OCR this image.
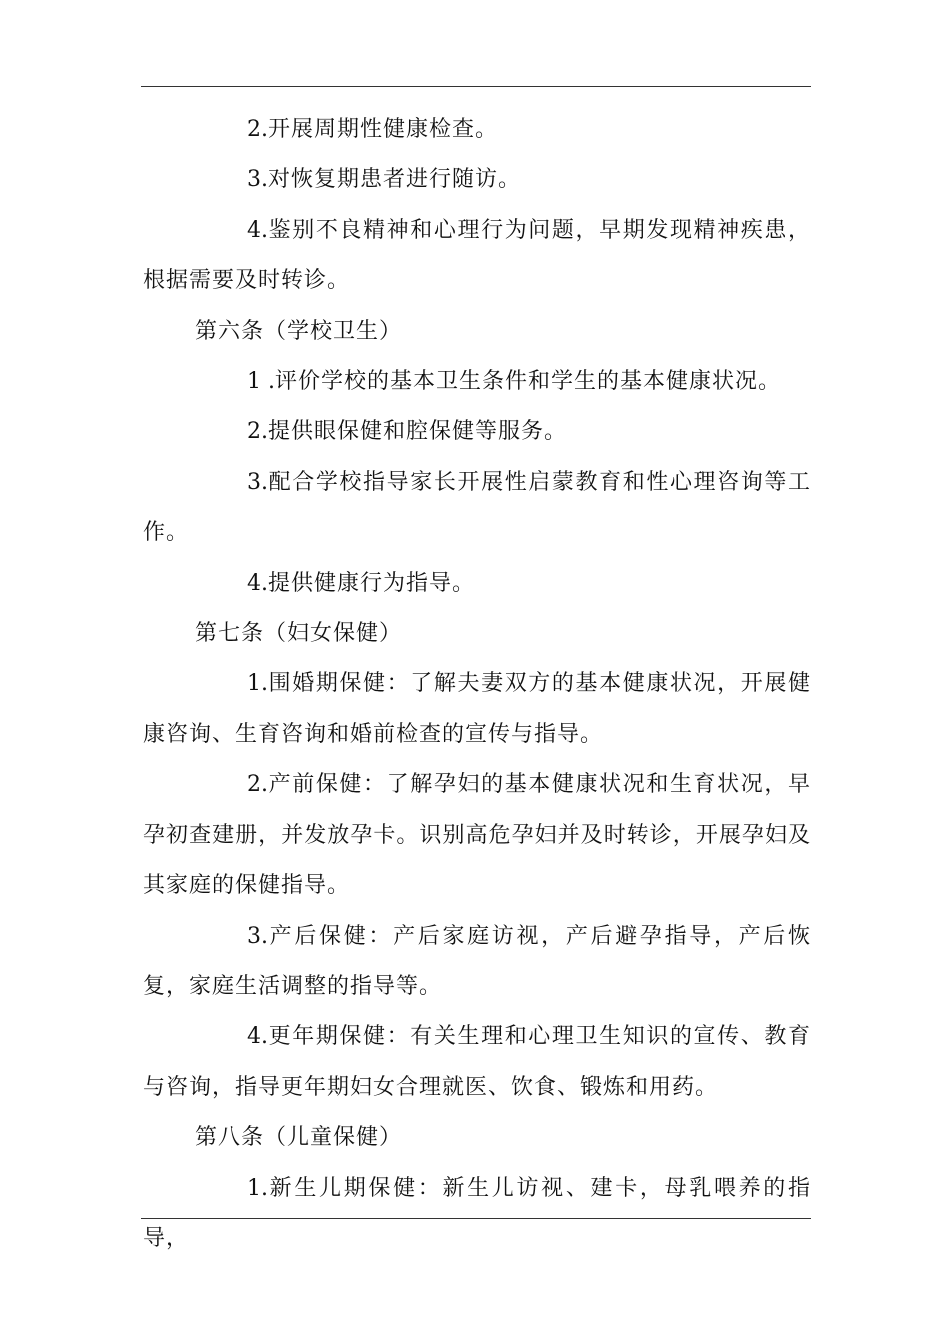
2.开展周期性健康检查。

3.对恢复期患者进行随访。

4.鉴别不良精神和心理行为问题，早期发现精神疾患，根据需要及时转诊。

第六条（学校卫生）

1 .评价学校的基本卫生条件和学生的基本健康状况。

2.提供眼保健和腔保健等服务。

3.配合学校指导家长开展性启蒙教育和性心理咨询等工作。

4.提供健康行为指导。

第七条（妇女保健）

1.围婚期保健：了解夫妻双方的基本健康状况，开展健康咨询、生育咨询和婚前检查的宣传与指导。

2.产前保健：了解孕妇的基本健康状况和生育状况，早孕初查建册，并发放孕卡。识别高危孕妇并及时转诊，开展孕妇及其家庭的保健指导。

3.产后保健：产后家庭访视，产后避孕指导，产后恢复，家庭生活调整的指导等。

4.更年期保健：有关生理和心理卫生知识的宣传、教育与咨询，指导更年期妇女合理就医、饮食、锻炼和用药。

第八条（儿童保健）

1.新生儿期保健：新生儿访视、建卡，母乳喂养的指导，
